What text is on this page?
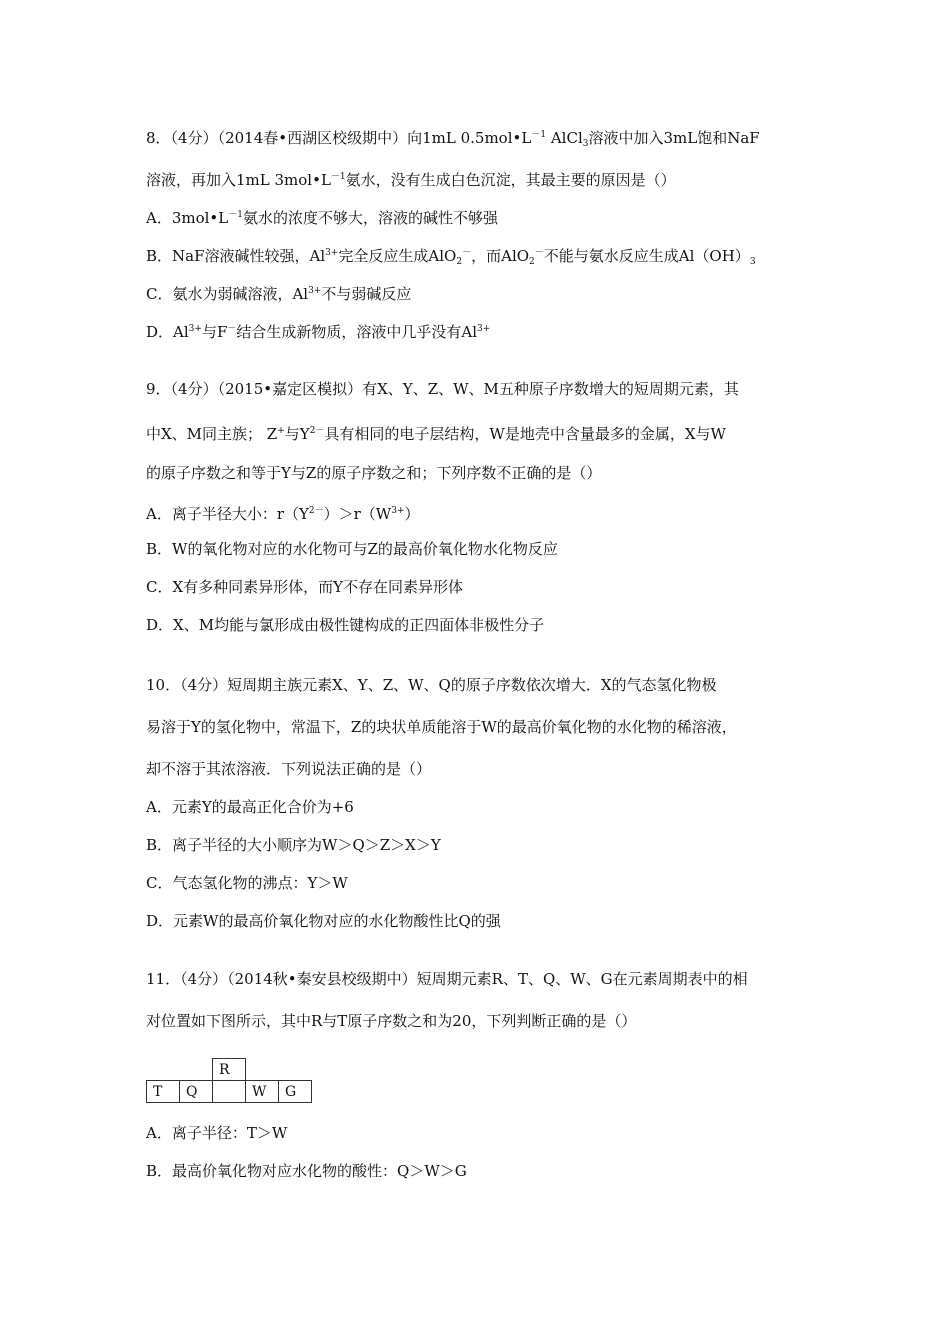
8．（4分）（2014春•西湖区校级期中）向1mL $0.5mol•L^{-1}$ AlCl$_3$溶液中加入3mL饱和NaF
溶液，再加入1mL $3mol•L^{-1}$氨水，没有生成白色沉淀，其最主要的原因是（）
A．$3mol•L^{-1}$氨水的浓度不够大，溶液的碱性不够强
B．NaF溶液碱性较强，$Al^{3+}$完全反应生成AlO$_2$－，而AlO$_2$－不能与氨水反应生成$Al(OH)_3$
C．氨水为弱碱溶液，$Al^{3+}$不与弱碱反应
D．$Al^{3+}$与F－结合生成新物质，溶液中几乎没有$Al^{3+}$
9．（4分）（2015•嘉定区模拟）有X、Y、Z、W、M五种原子序数增大的短周期元素，其
中X、M同主族； Z+与$Y^{2-}$具有相同的电子层结构，W是地壳中含量最多的金属，X与W
的原子序数之和等于Y与Z的原子序数之和；下列序数不正确的是（）
A．离子半径大小：$r(Y^{2-})>r(W^{3+})$
B．W的氧化物对应的水化物可与Z的最高价氧化物水化物反应
C．X有多种同素异形体，而Y不存在同素异形体
D．X、M均能与氯形成由极性键构成的正四面体非极性分子
10．（4分）短周期主族元素X、Y、Z、W、Q的原子序数依次增大．X的气态氢化物极
易溶于Y的氢化物中，常温下，Z的块状单质能溶于W的最高价氧化物的水化物的稀溶液，
却不溶于其浓溶液．下列说法正确的是（）
A．元素Y的最高正化合价为+6
B．离子半径的大小顺序为W＞Q＞Z＞X＞Y
C．气态氢化物的沸点：Y＞W
D．元素W的最高价氧化物对应的水化物酸性比Q的强
11．（4分）（2014秋•秦安县校级期中）短周期元素R、T、Q、W、G在元素周期表中的相
对位置如下图所示，其中R与T原子序数之和为20，下列判断正确的是（）
		R		
T	Q		W	G
A．离子半径：T＞W
B．最高价氧化物对应水化物的酸性：Q＞W＞G
